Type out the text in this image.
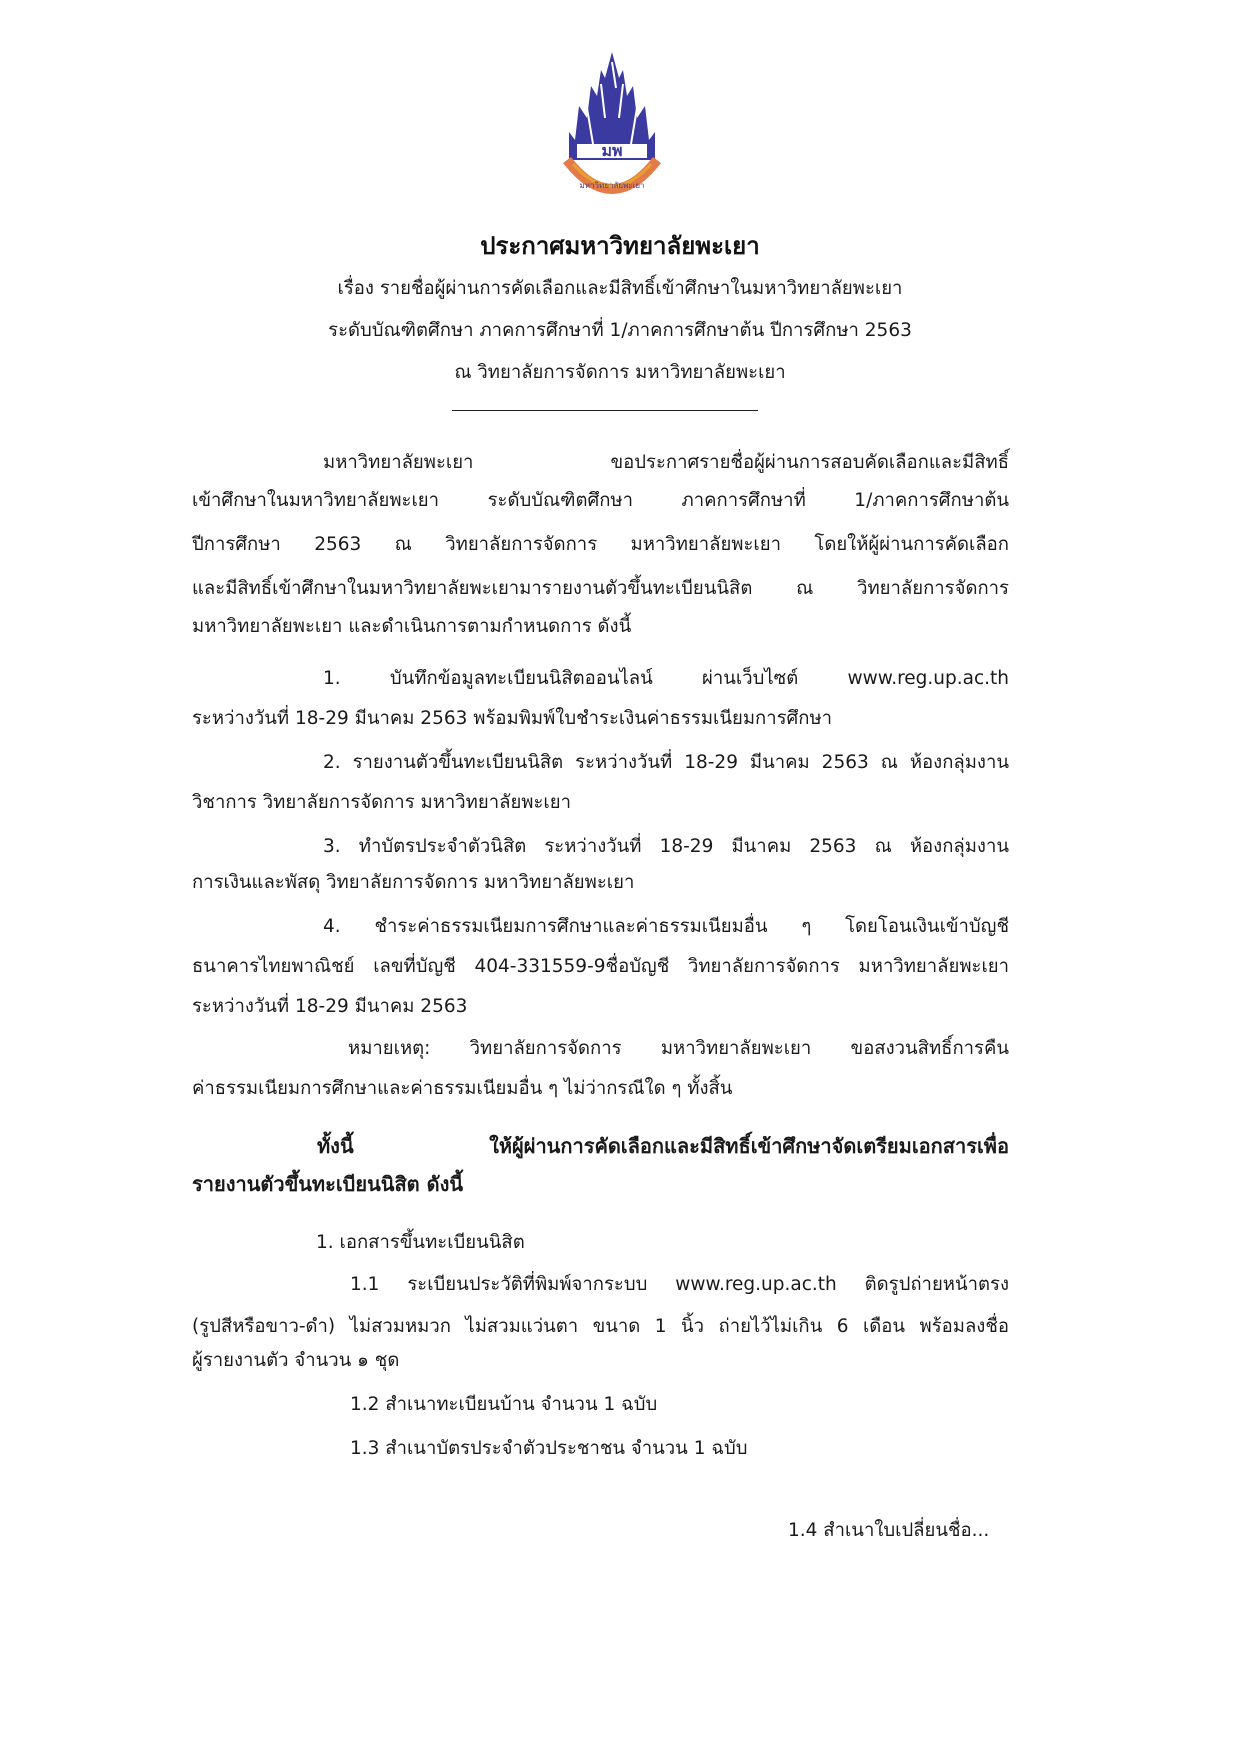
มพ
มหาวิทยาลัยพะเยา
ประกาศมหาวิทยาลัยพะเยา
เรื่อง รายชื่อผู้ผ่านการคัดเลือกและมีสิทธิ์เข้าศึกษาในมหาวิทยาลัยพะเยา
ระดับบัณฑิตศึกษา ภาคการศึกษาที่ 1/ภาคการศึกษาต้น ปีการศึกษา 2563
ณ วิทยาลัยการจัดการ มหาวิทยาลัยพะเยา
มหาวิทยาลัยพะเยา ขอประกาศรายชื่อผู้ผ่านการสอบคัดเลือกและมีสิทธิ์
เข้าศึกษาในมหาวิทยาลัยพะเยา ระดับบัณฑิตศึกษา ภาคการศึกษาที่ 1/ภาคการศึกษาต้น
ปีการศึกษา 2563 ณ วิทยาลัยการจัดการ มหาวิทยาลัยพะเยา โดยให้ผู้ผ่านการคัดเลือก
และมีสิทธิ์เข้าศึกษาในมหาวิทยาลัยพะเยามารายงานตัวขึ้นทะเบียนนิสิต ณ วิทยาลัยการจัดการ
มหาวิทยาลัยพะเยา และดำเนินการตามกำหนดการ ดังนี้
1. บันทึกข้อมูลทะเบียนนิสิตออนไลน์ ผ่านเว็บไซต์ www.reg.up.ac.th
ระหว่างวันที่ 18-29 มีนาคม 2563 พร้อมพิมพ์ใบชำระเงินค่าธรรมเนียมการศึกษา
2. รายงานตัวขึ้นทะเบียนนิสิต ระหว่างวันที่ 18-29 มีนาคม 2563 ณ ห้องกลุ่มงาน
วิชาการ วิทยาลัยการจัดการ มหาวิทยาลัยพะเยา
3. ทำบัตรประจำตัวนิสิต ระหว่างวันที่ 18-29 มีนาคม 2563 ณ ห้องกลุ่มงาน
การเงินและพัสดุ วิทยาลัยการจัดการ มหาวิทยาลัยพะเยา
4. ชำระค่าธรรมเนียมการศึกษาและค่าธรรมเนียมอื่น ๆ โดยโอนเงินเข้าบัญชี
ธนาคารไทยพาณิชย์ เลขที่บัญชี 404-331559-9ชื่อบัญชี วิทยาลัยการจัดการ มหาวิทยาลัยพะเยา
ระหว่างวันที่ 18-29 มีนาคม 2563
หมายเหตุ: วิทยาลัยการจัดการ มหาวิทยาลัยพะเยา ขอสงวนสิทธิ์การคืน
ค่าธรรมเนียมการศึกษาและค่าธรรมเนียมอื่น ๆ ไม่ว่ากรณีใด ๆ ทั้งสิ้น
ทั้งนี้ ให้ผู้ผ่านการคัดเลือกและมีสิทธิ์เข้าศึกษาจัดเตรียมเอกสารเพื่อ
รายงานตัวขึ้นทะเบียนนิสิต ดังนี้
1. เอกสารขึ้นทะเบียนนิสิต
1.1 ระเบียนประวัติที่พิมพ์จากระบบ www.reg.up.ac.th ติดรูปถ่ายหน้าตรง
(รูปสีหรือขาว-ดำ) ไม่สวมหมวก ไม่สวมแว่นตา ขนาด 1 นิ้ว ถ่ายไว้ไม่เกิน 6 เดือน พร้อมลงชื่อ
ผู้รายงานตัว จำนวน ๑ ชุด
1.2 สำเนาทะเบียนบ้าน จำนวน 1 ฉบับ
1.3 สำเนาบัตรประจำตัวประชาชน จำนวน 1 ฉบับ
1.4 สำเนาใบเปลี่ยนชื่อ...
